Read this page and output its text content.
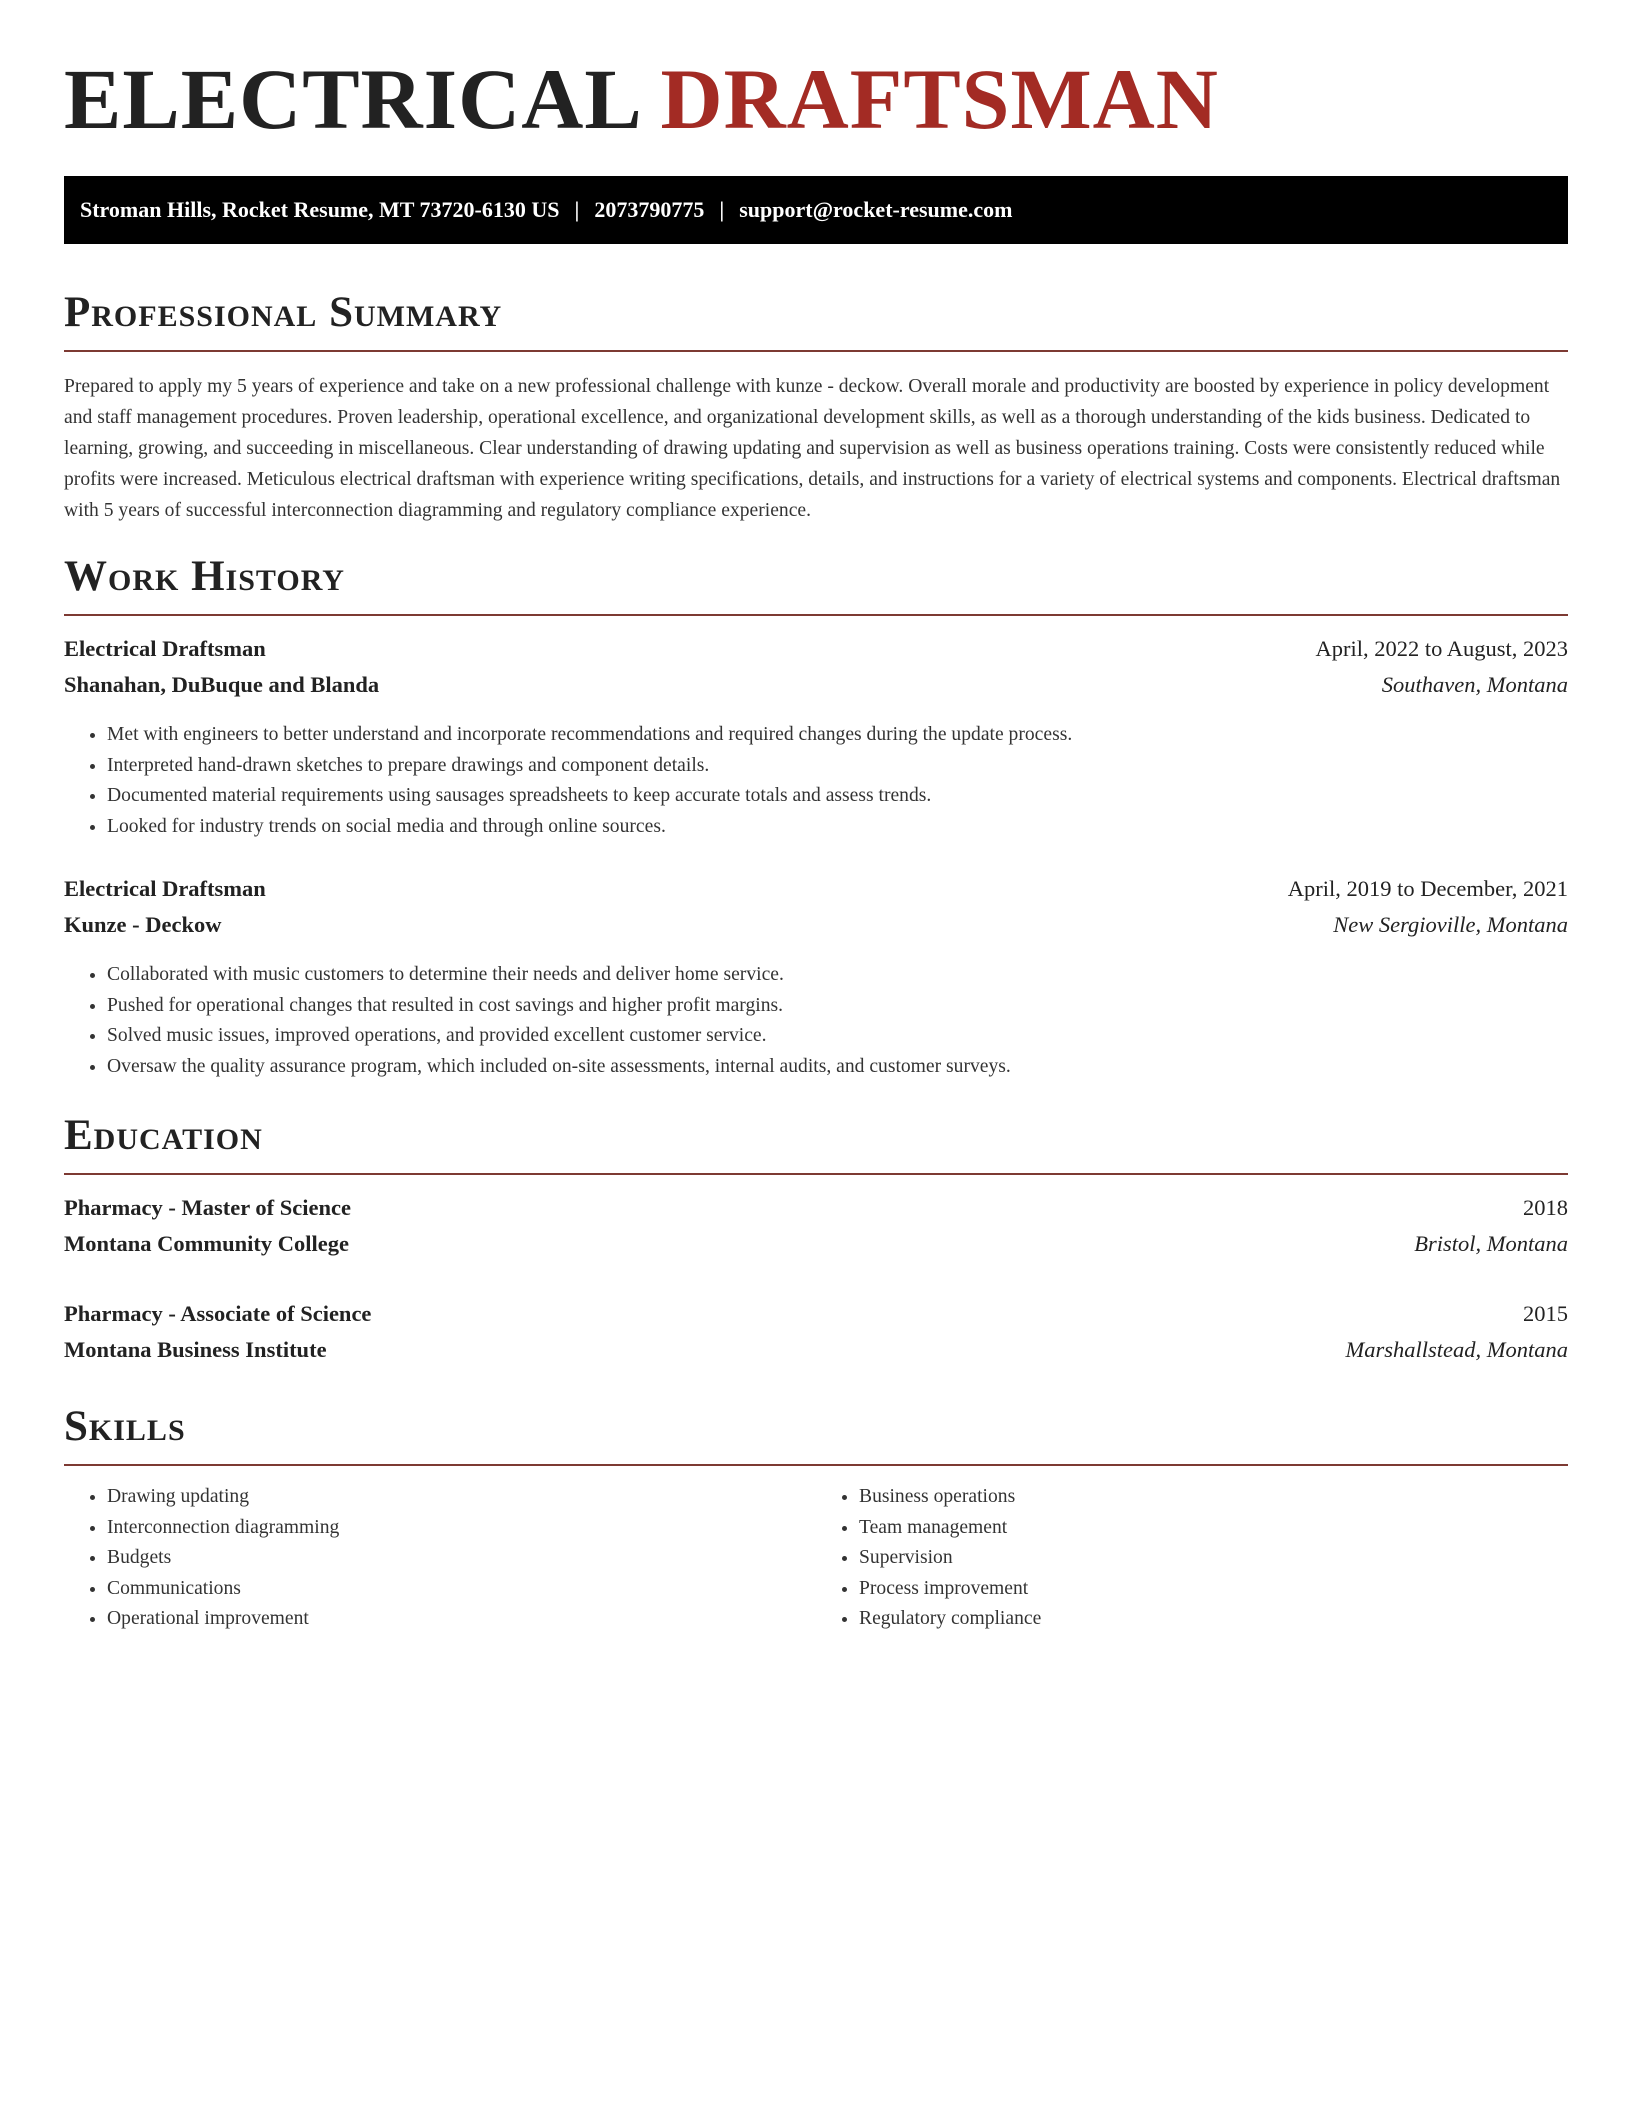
ELECTRICAL DRAFTSMAN
Stroman Hills, Rocket Resume, MT 73720-6130 US | 2073790775 | support@rocket-resume.com
Professional Summary

Prepared to apply my 5 years of experience and take on a new professional challenge with kunze - deckow. Overall morale and productivity are boosted by experience in policy development and staff management procedures. Proven leadership, operational excellence, and organizational development skills, as well as a thorough understanding of the kids business. Dedicated to learning, growing, and succeeding in miscellaneous. Clear understanding of drawing updating and supervision as well as business operations training. Costs were consistently reduced while profits were increased. Meticulous electrical draftsman with experience writing specifications, details, and instructions for a variety of electrical systems and components. Electrical draftsman with 5 years of successful interconnection diagramming and regulatory compliance experience.

Work History
Electrical Draftsman	April, 2022 to August, 2023
Shanahan, DuBuque and Blanda	Southaven, Montana
• Met with engineers to better understand and incorporate recommendations and required changes during the update process.
• Interpreted hand-drawn sketches to prepare drawings and component details.
• Documented material requirements using sausages spreadsheets to keep accurate totals and assess trends.
• Looked for industry trends on social media and through online sources.
Electrical Draftsman	April, 2019 to December, 2021
Kunze - Deckow	New Sergioville, Montana
• Collaborated with music customers to determine their needs and deliver home service.
• Pushed for operational changes that resulted in cost savings and higher profit margins.
• Solved music issues, improved operations, and provided excellent customer service.
• Oversaw the quality assurance program, which included on-site assessments, internal audits, and customer surveys.
Education
Pharmacy - Master of Science	2018
Montana Community College	Bristol, Montana
Pharmacy - Associate of Science	2015
Montana Business Institute	Marshallstead, Montana
Skills
• Drawing updating
• Interconnection diagramming
• Budgets
• Communications
• Operational improvement
• Business operations
• Team management
• Supervision
• Process improvement
• Regulatory compliance
